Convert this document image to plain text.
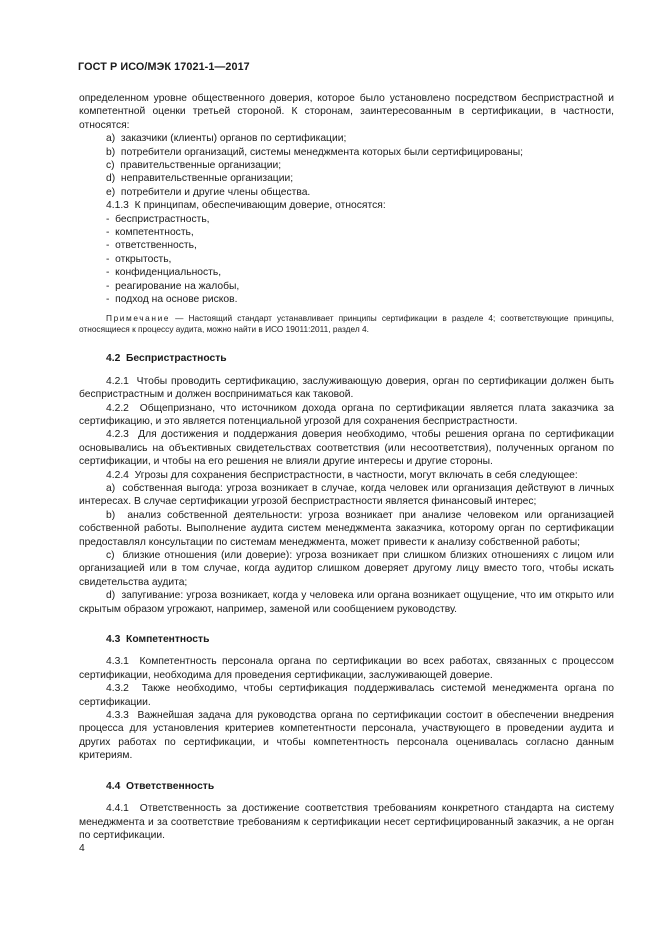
ГОСТ Р ИСО/МЭК 17021-1—2017

определенном уровне общественного доверия, которое было установлено посредством беспристрастной и компетентной оценки третьей стороной. К сторонам, заинтересованным в сертификации, в частности, относятся:

a)  заказчики (клиенты) органов по сертификации;

b)  потребители организаций, системы менеджмента которых были сертифицированы;

c)  правительственные организации;

d)  неправительственные организации;

e)  потребители и другие члены общества.

4.1.3  К принципам, обеспечивающим доверие, относятся:

-  беспристрастность,

-  компетентность,

-  ответственность,

-  открытость,

-  конфиденциальность,

-  реагирование на жалобы,

-  подход на основе рисков.

Примечание — Настоящий стандарт устанавливает принципы сертификации в разделе 4; соответствующие принципы, относящиеся к процессу аудита, можно найти в ИСО 19011:2011, раздел 4.

4.2  Беспристрастность

4.2.1  Чтобы проводить сертификацию, заслуживающую доверия, орган по сертификации должен быть беспристрастным и должен восприниматься как таковой.

4.2.2  Общепризнано, что источником дохода органа по сертификации является плата заказчика за сертификацию, и это является потенциальной угрозой для сохранения беспристрастности.

4.2.3  Для достижения и поддержания доверия необходимо, чтобы решения органа по сертификации основывались на объективных свидетельствах соответствия (или несоответствия), полученных органом по сертификации, и чтобы на его решения не влияли другие интересы и другие стороны.

4.2.4  Угрозы для сохранения беспристрастности, в частности, могут включать в себя следующее:

a)  собственная выгода: угроза возникает в случае, когда человек или организация действуют в личных интересах. В случае сертификации угрозой беспристрастности является финансовый интерес;

b)  анализ собственной деятельности: угроза возникает при анализе человеком или организацией собственной работы. Выполнение аудита систем менеджмента заказчика, которому орган по сертификации предоставлял консультации по системам менеджмента, может привести к анализу собственной работы;

c)  близкие отношения (или доверие): угроза возникает при слишком близких отношениях с лицом или организацией или в том случае, когда аудитор слишком доверяет другому лицу вместо того, чтобы искать свидетельства аудита;

d)  запугивание: угроза возникает, когда у человека или органа возникает ощущение, что им открыто или скрытым образом угрожают, например, заменой или сообщением руководству.

4.3  Компетентность

4.3.1  Компетентность персонала органа по сертификации во всех работах, связанных с процессом сертификации, необходима для проведения сертификации, заслуживающей доверие.

4.3.2  Также необходимо, чтобы сертификация поддерживалась системой менеджмента органа по сертификации.

4.3.3  Важнейшая задача для руководства органа по сертификации состоит в обеспечении внедрения процесса для установления критериев компетентности персонала, участвующего в проведении аудита и других работах по сертификации, и чтобы компетентность персонала оценивалась согласно данным критериям.

4.4  Ответственность

4.4.1  Ответственность за достижение соответствия требованиям конкретного стандарта на систему менеджмента и за соответствие требованиям к сертификации несет сертифицированный заказчик, а не орган по сертификации.

4
